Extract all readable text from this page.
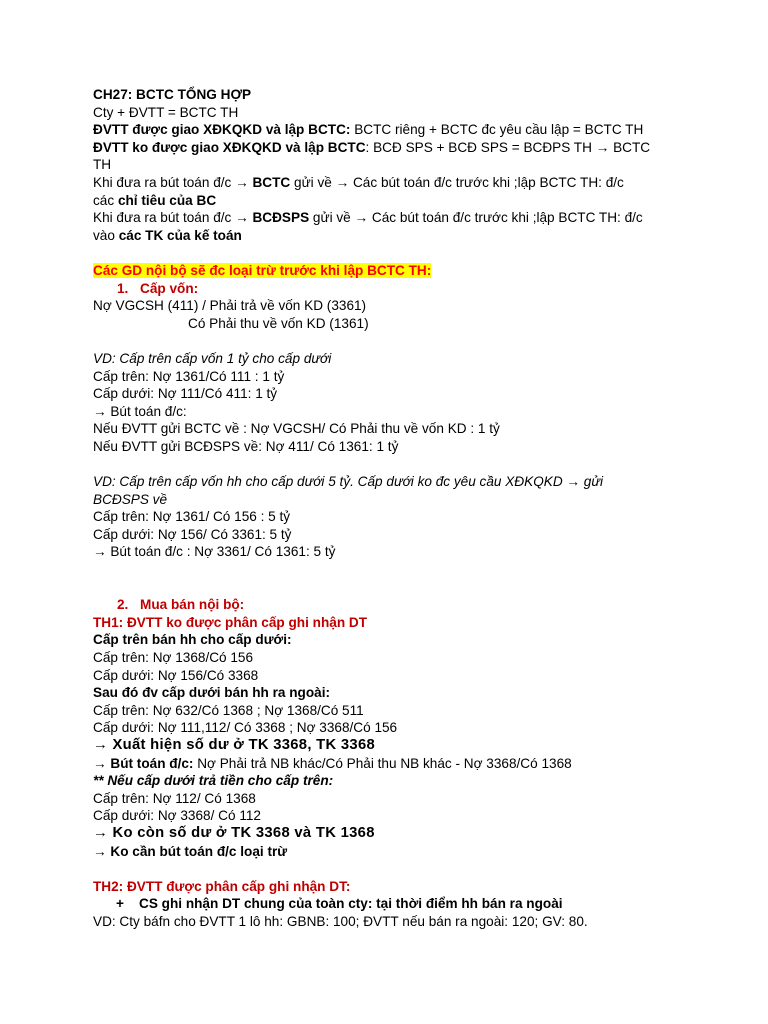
CH27: BCTC TỔNG HỢP
Cty + ĐVTT = BCTC TH
ĐVTT được giao XĐKQKD và lập BCTC: BCTC riêng + BCTC đc yêu cầu lập = BCTC TH
ĐVTT ko được giao XĐKQKD và lập BCTC: BCĐ SPS + BCĐ SPS = BCĐPS TH → BCTC
TH
Khi đưa ra bút toán đ/c → BCTC gửi về → Các bút toán đ/c trước khi ;lập BCTC TH: đ/c
các chỉ tiêu của BC
Khi đưa ra bút toán đ/c → BCĐSPS gửi về → Các bút toán đ/c trước khi ;lập BCTC TH: đ/c
vào các TK của kế toán
Các GD nội bộ sẽ đc loại trừ trước khi lập BCTC TH:
1. Cấp vốn:
Nợ VGCSH (411) / Phải trả về vốn KD (3361)
Có Phải thu về vốn KD (1361)
VD: Cấp trên cấp vốn 1 tỷ cho cấp dưới
Cấp trên: Nợ 1361/Có 111 : 1 tỷ
Cấp dưới: Nợ 111/Có 411: 1 tỷ
→ Bút toán đ/c:
Nếu ĐVTT gửi BCTC về : Nợ VGCSH/ Có Phải thu về vốn KD : 1 tỷ
Nếu ĐVTT gửi BCĐSPS về: Nợ 411/ Có 1361: 1 tỷ
VD: Cấp trên cấp vốn hh cho cấp dưới 5 tỷ. Cấp dưới ko đc yêu cầu XĐKQKD → gửi
BCĐSPS về
Cấp trên: Nợ 1361/ Có 156 : 5 tỷ
Cấp dưới: Nợ 156/ Có 3361: 5 tỷ
→ Bút toán đ/c : Nợ 3361/ Có 1361: 5 tỷ
2. Mua bán nội bộ:
TH1: ĐVTT ko được phân cấp ghi nhận DT
Cấp trên bán hh cho cấp dưới:
Cấp trên: Nợ 1368/Có 156
Cấp dưới: Nợ 156/Có 3368
Sau đó đv cấp dưới bán hh ra ngoài:
Cấp trên: Nợ 632/Có 1368 ; Nợ 1368/Có 511
Cấp dưới: Nợ 111,112/ Có 3368 ; Nợ 3368/Có 156
→ Xuất hiện số dư ở TK 3368, TK 3368
→ Bút toán đ/c: Nợ Phải trả NB khác/Có Phải thu NB khác - Nợ 3368/Có 1368
** Nếu cấp dưới trả tiền cho cấp trên:
Cấp trên: Nợ 112/ Có 1368
Cấp dưới: Nợ 3368/ Có 112
→ Ko còn số dư ở TK 3368 và TK 1368
→ Ko cần bút toán đ/c loại trừ
TH2: ĐVTT được phân cấp ghi nhận DT:
+ CS ghi nhận DT chung của toàn cty: tại thời điểm hh bán ra ngoài
VD: Cty báfn cho ĐVTT 1 lô hh: GBNB: 100; ĐVTT nếu bán ra ngoài: 120; GV: 80.
